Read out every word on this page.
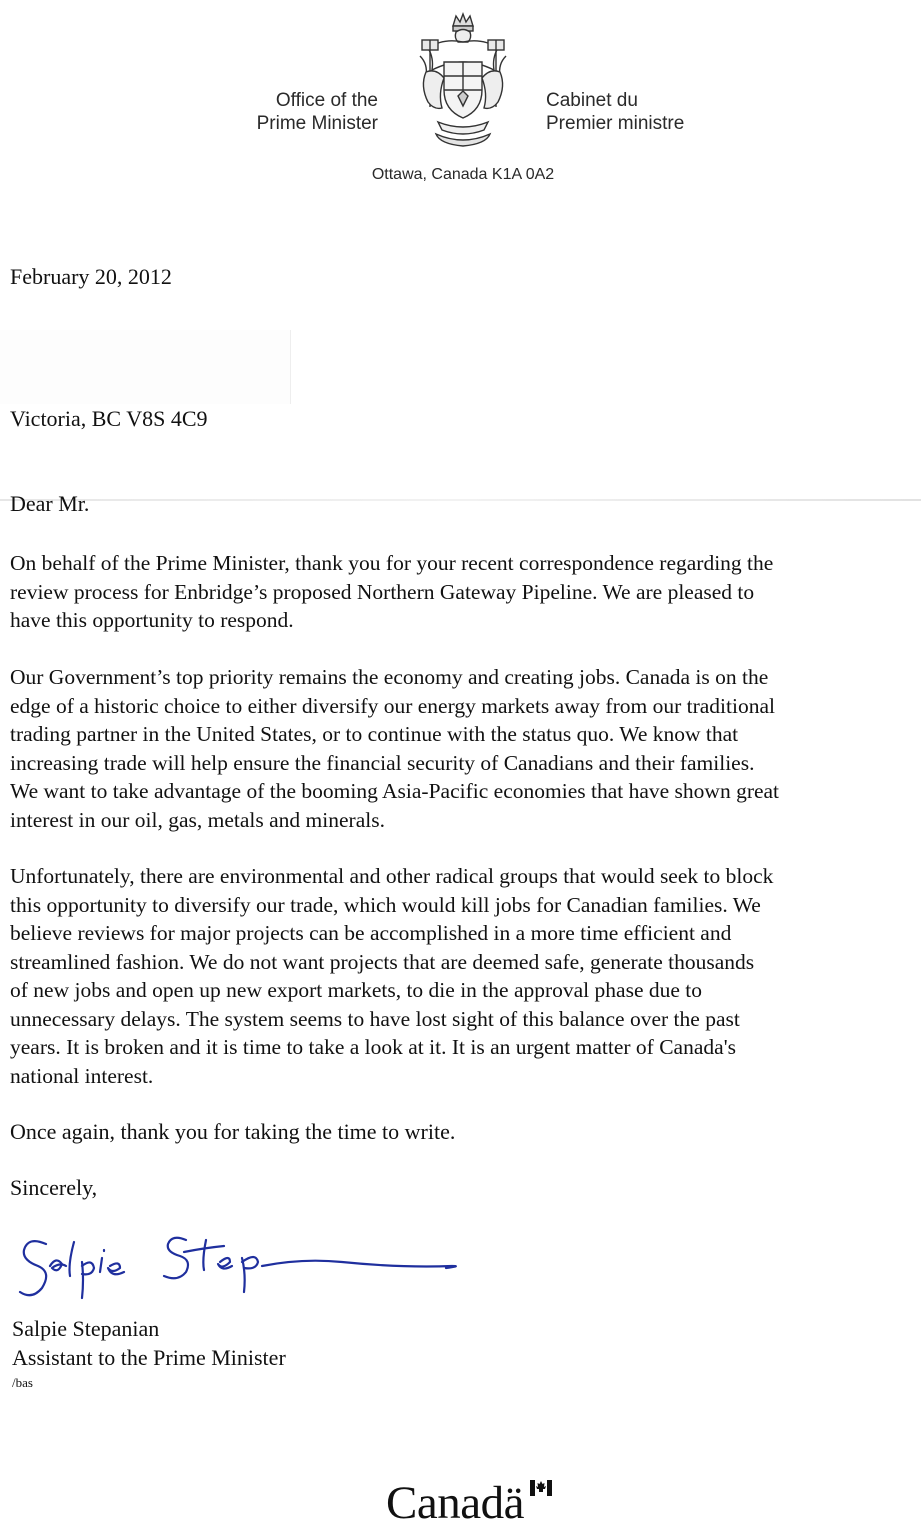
Office of the
Prime Minister
Cabinet du
Premier ministre
Ottawa, Canada K1A 0A2
February 20, 2012
Victoria, BC V8S 4C9
Dear Mr.
On behalf of the Prime Minister, thank you for your recent correspondence regarding the
review process for Enbridge’s proposed Northern Gateway Pipeline. We are pleased to
have this opportunity to respond.
Our Government’s top priority remains the economy and creating jobs. Canada is on the
edge of a historic choice to either diversify our energy markets away from our traditional
trading partner in the United States, or to continue with the status quo. We know that
increasing trade will help ensure the financial security of Canadians and their families.
We want to take advantage of the booming Asia-Pacific economies that have shown great
interest in our oil, gas, metals and minerals.
Unfortunately, there are environmental and other radical groups that would seek to block
this opportunity to diversify our trade, which would kill jobs for Canadian families. We
believe reviews for major projects can be accomplished in a more time efficient and
streamlined fashion. We do not want projects that are deemed safe, generate thousands
of new jobs and open up new export markets, to die in the approval phase due to
unnecessary delays. The system seems to have lost sight of this balance over the past
years. It is broken and it is time to take a look at it. It is an urgent matter of Canada's
national interest.
Once again, thank you for taking the time to write.
Sincerely,
Salpie Stepanian
Assistant to the Prime Minister
/bas
Canadä
